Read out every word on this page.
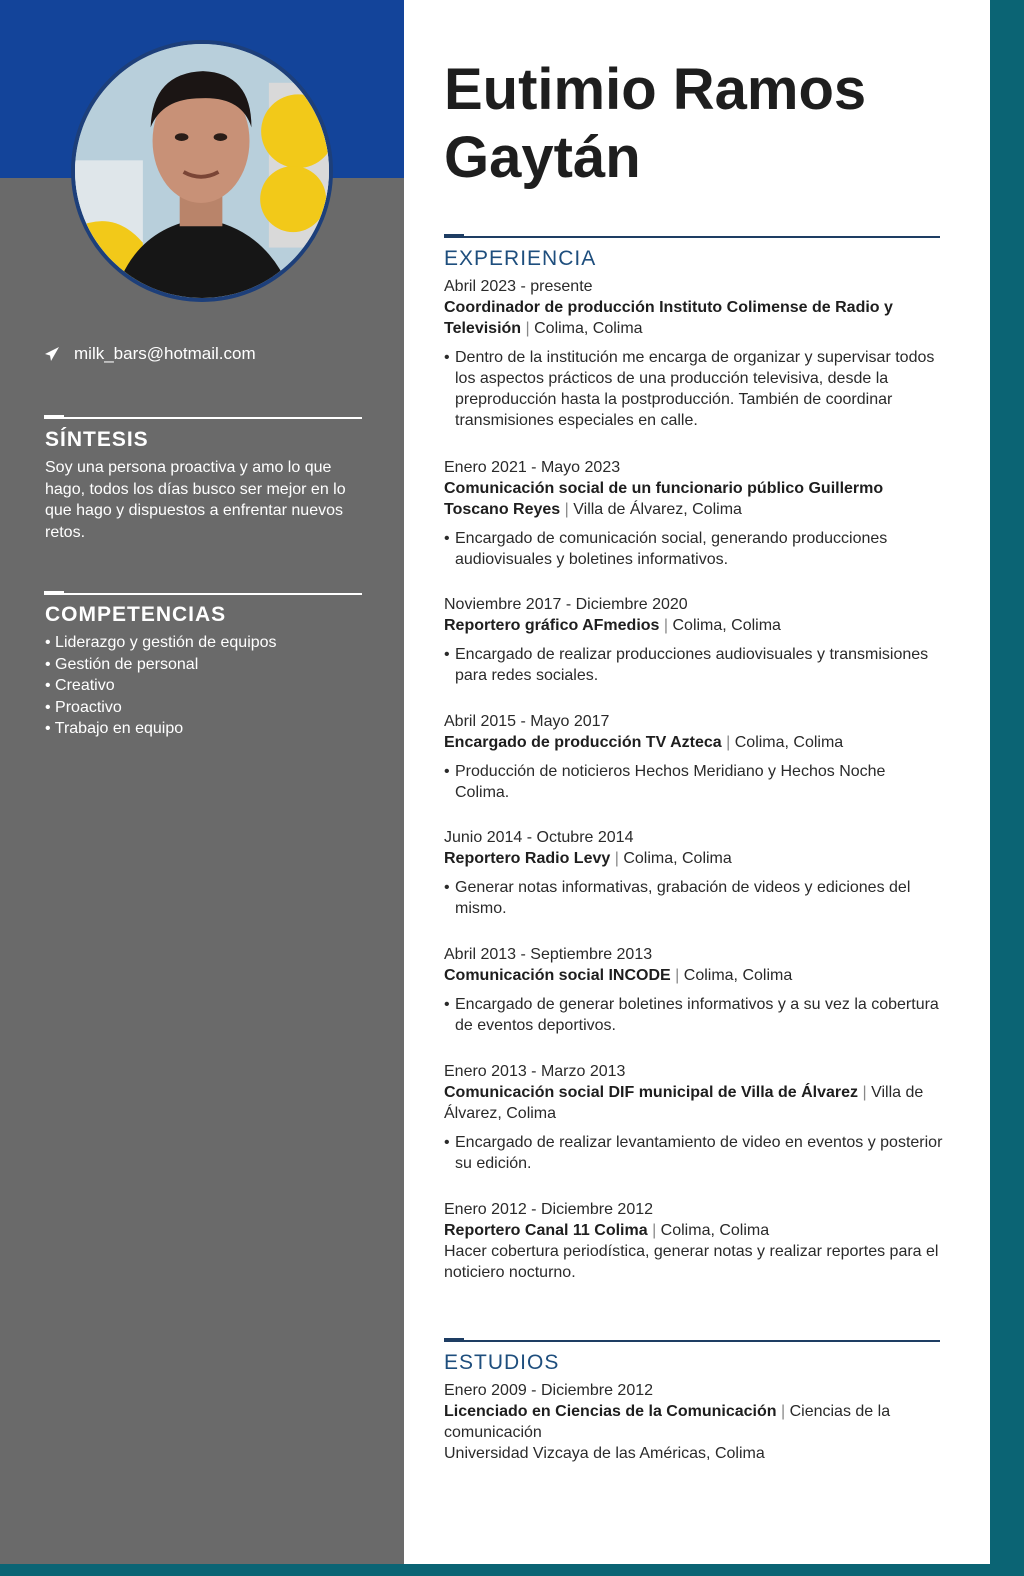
milk_bars@hotmail.com
SÍNTESIS
Soy una persona proactiva y amo lo que hago, todos los días busco ser mejor en lo que hago y dispuestos a enfrentar nuevos retos.
COMPETENCIAS
• Liderazgo y gestión de equipos
• Gestión de personal
• Creativo
• Proactivo
• Trabajo en equipo
Eutimio Ramos Gaytán
EXPERIENCIA
Abril 2023 - presente
Coordinador de producción Instituto Colimense de Radio y Televisión | Colima, Colima
• Dentro de la institución me encarga de organizar y supervisar todos los aspectos prácticos de una producción televisiva, desde la preproducción hasta la postproducción. También de coordinar transmisiones especiales en calle.
Enero 2021 - Mayo 2023
Comunicación social de un funcionario público Guillermo Toscano Reyes | Villa de Álvarez, Colima
• Encargado de comunicación social, generando producciones audiovisuales y boletines informativos.
Noviembre 2017 - Diciembre 2020
Reportero gráfico AFmedios | Colima, Colima
• Encargado de realizar producciones audiovisuales y transmisiones para redes sociales.
Abril 2015 - Mayo 2017
Encargado de producción TV Azteca | Colima, Colima
• Producción de noticieros Hechos Meridiano y Hechos Noche Colima.
Junio 2014 - Octubre 2014
Reportero Radio Levy | Colima, Colima
• Generar notas informativas, grabación de videos y ediciones del mismo.
Abril 2013 - Septiembre 2013
Comunicación social INCODE | Colima, Colima
• Encargado de generar boletines informativos y a su vez la cobertura de eventos deportivos.
Enero 2013 - Marzo 2013
Comunicación social DIF municipal de Villa de Álvarez | Villa de Álvarez, Colima
• Encargado de realizar levantamiento de video en eventos y posterior su edición.
Enero 2012 - Diciembre 2012
Reportero Canal 11 Colima | Colima, Colima
Hacer cobertura periodística, generar notas y realizar reportes para el noticiero nocturno.
ESTUDIOS
Enero 2009 - Diciembre 2012
Licenciado en Ciencias de la Comunicación | Ciencias de la comunicación
Universidad Vizcaya de las Américas, Colima
